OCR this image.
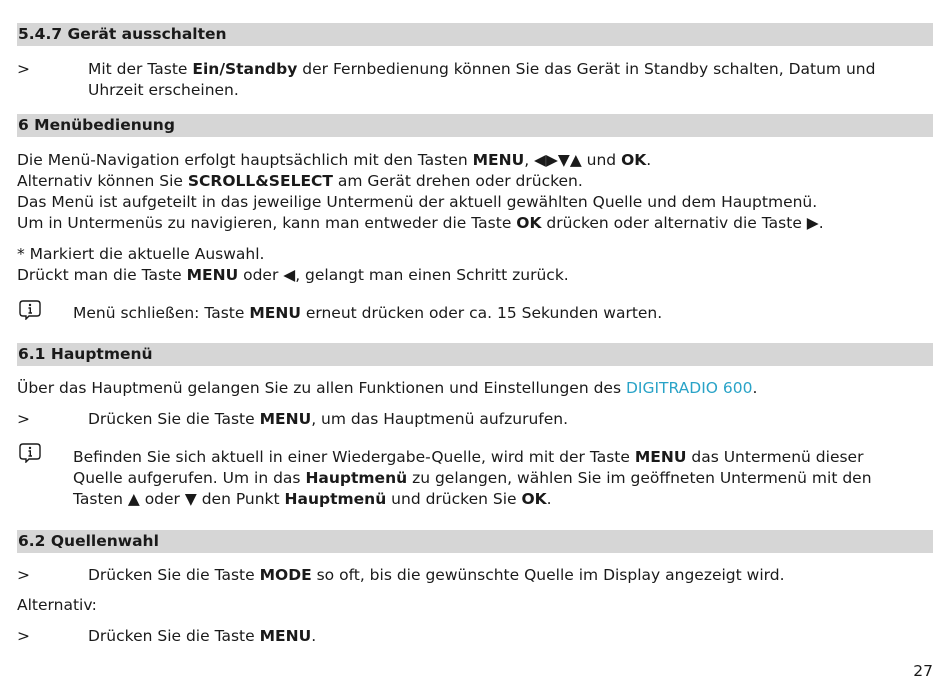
5.4.7 Gerät ausschalten
>	Mit der Taste Ein/Standby der Fernbedienung können Sie das Gerät in Standby schalten, Datum und
Uhrzeit erscheinen.
6 Menübedienung
Die Menü-Navigation erfolgt hauptsächlich mit den Tasten MENU, ◀▶▼▲ und OK.
Alternativ können Sie SCROLL&SELECT am Gerät drehen oder drücken.
Das Menü ist aufgeteilt in das jeweilige Untermenü der aktuell gewählten Quelle und dem Hauptmenü.
Um in Untermenüs zu navigieren, kann man entweder die Taste OK drücken oder alternativ die Taste ▶.
* Markiert die aktuelle Auswahl.
Drückt man die Taste MENU oder ◀, gelangt man einen Schritt zurück.
Menü schließen: Taste MENU erneut drücken oder ca. 15 Sekunden warten.
6.1 Hauptmenü
Über das Hauptmenü gelangen Sie zu allen Funktionen und Einstellungen des DIGITRADIO 600.
>	Drücken Sie die Taste MENU, um das Hauptmenü aufzurufen.
Befinden Sie sich aktuell in einer Wiedergabe-Quelle, wird mit der Taste MENU das Untermenü dieser
Quelle aufgerufen. Um in das Hauptmenü zu gelangen, wählen Sie im geöffneten Untermenü mit den
Tasten ▲ oder ▼ den Punkt Hauptmenü und drücken Sie OK.
6.2 Quellenwahl
>	Drücken Sie die Taste MODE so oft, bis die gewünschte Quelle im Display angezeigt wird.
Alternativ:
>	Drücken Sie die Taste MENU.
27
